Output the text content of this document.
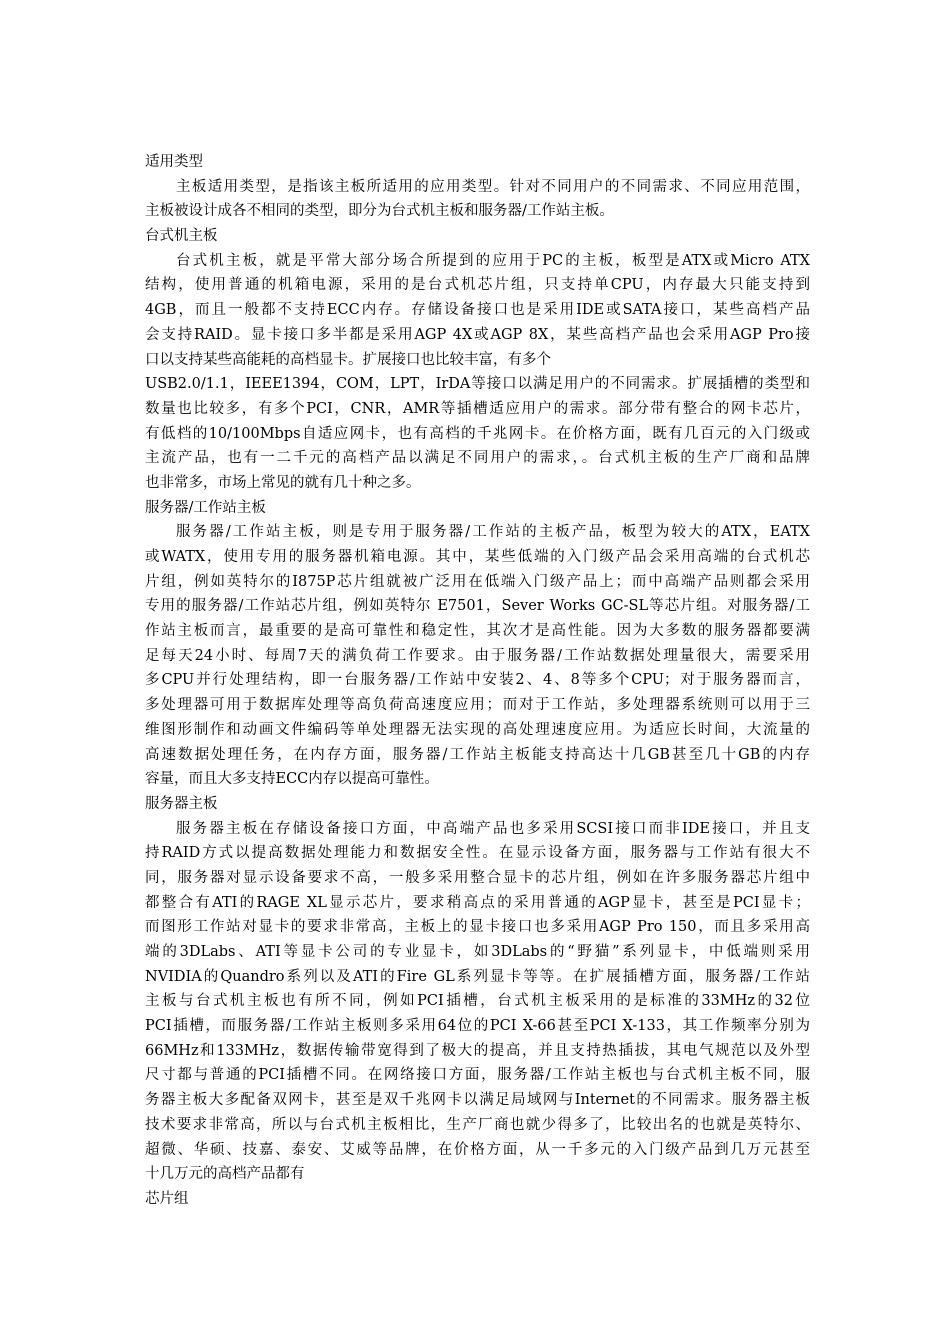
适用类型
主板适用类型，是指该主板所适用的应用类型。针对不同用户的不同需求、不同应用范围，
主板被设计成各不相同的类型，即分为台式机主板和服务器/工作站主板。
台式机主板
台式机主板，就是平常大部分场合所提到的应用于PC的主板，板型是ATX或Micro ATX
结构，使用普通的机箱电源，采用的是台式机芯片组，只支持单CPU，内存最大只能支持到
4GB，而且一般都不支持ECC内存。存储设备接口也是采用IDE或SATA接口，某些高档产品
会支持RAID。显卡接口多半都是采用AGP 4X或AGP 8X，某些高档产品也会采用AGP Pro接
口以支持某些高能耗的高档显卡。扩展接口也比较丰富，有多个
USB2.0/1.1，IEEE1394，COM，LPT，IrDA等接口以满足用户的不同需求。扩展插槽的类型和
数量也比较多，有多个PCI，CNR，AMR等插槽适应用户的需求。部分带有整合的网卡芯片，
有低档的10/100Mbps自适应网卡，也有高档的千兆网卡。在价格方面，既有几百元的入门级或
主流产品，也有一二千元的高档产品以满足不同用户的需求，。台式机主板的生产厂商和品牌
也非常多，市场上常见的就有几十种之多。
服务器/工作站主板
服务器/工作站主板，则是专用于服务器/工作站的主板产品，板型为较大的ATX，EATX
或WATX，使用专用的服务器机箱电源。其中，某些低端的入门级产品会采用高端的台式机芯
片组，例如英特尔的I875P芯片组就被广泛用在低端入门级产品上；而中高端产品则都会采用
专用的服务器/工作站芯片组，例如英特尔 E7501，Sever Works GC-SL等芯片组。对服务器/工
作站主板而言，最重要的是高可靠性和稳定性，其次才是高性能。因为大多数的服务器都要满
足每天24小时、每周7天的满负荷工作要求。由于服务器/工作站数据处理量很大，需要采用
多CPU并行处理结构，即一台服务器/工作站中安装2、4、8等多个CPU；对于服务器而言，
多处理器可用于数据库处理等高负荷高速度应用；而对于工作站，多处理器系统则可以用于三
维图形制作和动画文件编码等单处理器无法实现的高处理速度应用。为适应长时间，大流量的
高速数据处理任务，在内存方面，服务器/工作站主板能支持高达十几GB甚至几十GB的内存
容量，而且大多支持ECC内存以提高可靠性。
服务器主板
服务器主板在存储设备接口方面，中高端产品也多采用SCSI接口而非IDE接口，并且支
持RAID方式以提高数据处理能力和数据安全性。在显示设备方面，服务器与工作站有很大不
同，服务器对显示设备要求不高，一般多采用整合显卡的芯片组，例如在许多服务器芯片组中
都整合有ATI的RAGE XL显示芯片，要求稍高点的采用普通的AGP显卡，甚至是PCI显卡；
而图形工作站对显卡的要求非常高，主板上的显卡接口也多采用AGP Pro 150，而且多采用高
端的3DLabs、ATI等显卡公司的专业显卡，如3DLabs的“野猫”系列显卡，中低端则采用
NVIDIA的Quandro系列以及ATI的Fire GL系列显卡等等。在扩展插槽方面，服务器/工作站
主板与台式机主板也有所不同，例如PCI插槽，台式机主板采用的是标准的33MHz的32位
PCI插槽，而服务器/工作站主板则多采用64位的PCI X-66甚至PCI X-133，其工作频率分别为
66MHz和133MHz，数据传输带宽得到了极大的提高，并且支持热插拔，其电气规范以及外型
尺寸都与普通的PCI插槽不同。在网络接口方面，服务器/工作站主板也与台式机主板不同，服
务器主板大多配备双网卡，甚至是双千兆网卡以满足局域网与Internet的不同需求。服务器主板
技术要求非常高，所以与台式机主板相比，生产厂商也就少得多了，比较出名的也就是英特尔、
超微、华硕、技嘉、泰安、艾威等品牌，在价格方面，从一千多元的入门级产品到几万元甚至
十几万元的高档产品都有
芯片组
